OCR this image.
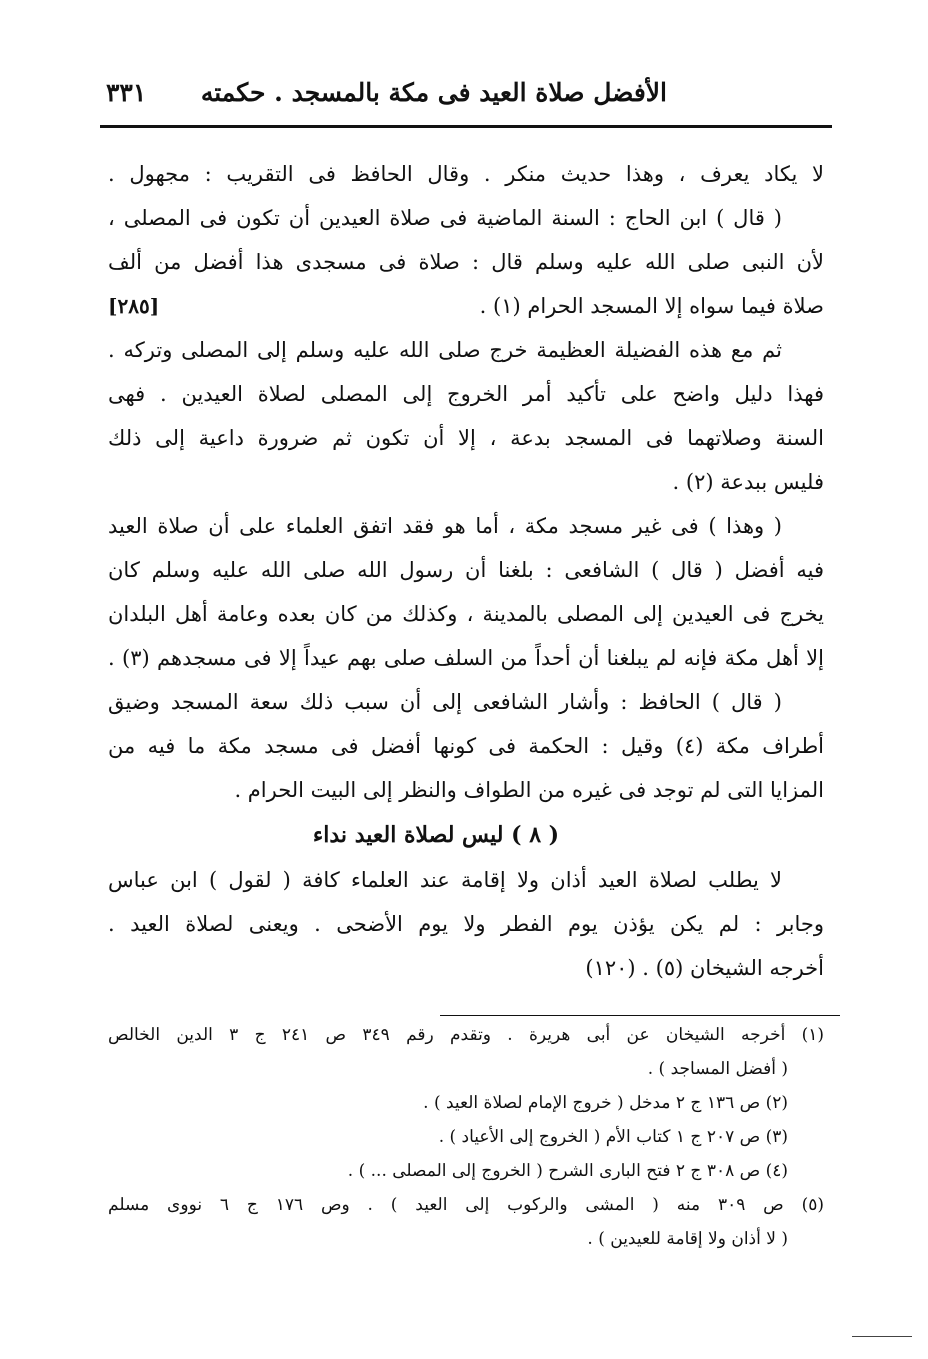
الأفضل صلاة العيد فى مكة بالمسجد . حكمته
٣٣١
لا يكاد يعرف ، وهذا حديث منكر . وقال الحافظ فى التقريب : مجهول .
( قال ) ابن الحاج : السنة الماضية فى صلاة العيدين أن تكون فى المصلى ،
لأن النبى صلى الله عليه وسلم قال : صلاة فى مسجدى هذا أفضل من ألف
صلاة فيما سواه إلا المسجد الحرام (١) .
[٢٨٥]
ثم مع هذه الفضيلة العظيمة خرج صلى الله عليه وسلم إلى المصلى وتركه .
فهذا دليل واضح على تأكيد أمر الخروج إلى المصلى لصلاة العيدين . فهى
السنة وصلاتهما فى المسجد بدعة ، إلا أن تكون ثم ضرورة داعية إلى ذلك
فليس ببدعة (٢) .
( وهذا ) فى غير مسجد مكة ، أما هو فقد اتفق العلماء على أن صلاة العيد
فيه أفضل ( قال ) الشافعى : بلغنا أن رسول الله صلى الله عليه وسلم كان
يخرج فى العيدين إلى المصلى بالمدينة ، وكذلك من كان بعده وعامة أهل البلدان
إلا أهل مكة فإنه لم يبلغنا أن أحداً من السلف صلى بهم عيداً إلا فى مسجدهم (٣) .
( قال ) الحافظ : وأشار الشافعى إلى أن سبب ذلك سعة المسجد وضيق
أطراف مكة (٤) وقيل : الحكمة فى كونها أفضل فى مسجد مكة ما فيه من
المزايا التى لم توجد فى غيره من الطواف والنظر إلى البيت الحرام .
( ٨ ) ليس لصلاة العيد نداء
لا يطلب لصلاة العيد أذان ولا إقامة عند العلماء كافة ( لقول ) ابن عباس
وجابر : لم يكن يؤذن يوم الفطر ولا يوم الأضحى . ويعنى لصلاة العيد .
أخرجه الشيخان (٥) . (١٢٠)
(١) أخرجه الشيخان عن أبى هريرة . وتقدم رقم ٣٤٩ ص ٢٤١ ج ٣ الدين الخالص
( أفضل المساجد ) .
(٢) ص ١٣٦ ج ٢ مدخل ( خروج الإمام لصلاة العيد ) .
(٣) ص ٢٠٧ ج ١ كتاب الأم ( الخروج إلى الأعياد ) .
(٤) ص ٣٠٨ ج ٢ فتح البارى الشرح ( الخروج إلى المصلى ... ) .
(٥) ص ٣٠٩ منه ( المشى والركوب إلى العيد ) . وص ١٧٦ ج ٦ نووى مسلم
( لا أذان ولا إقامة للعيدين ) .
